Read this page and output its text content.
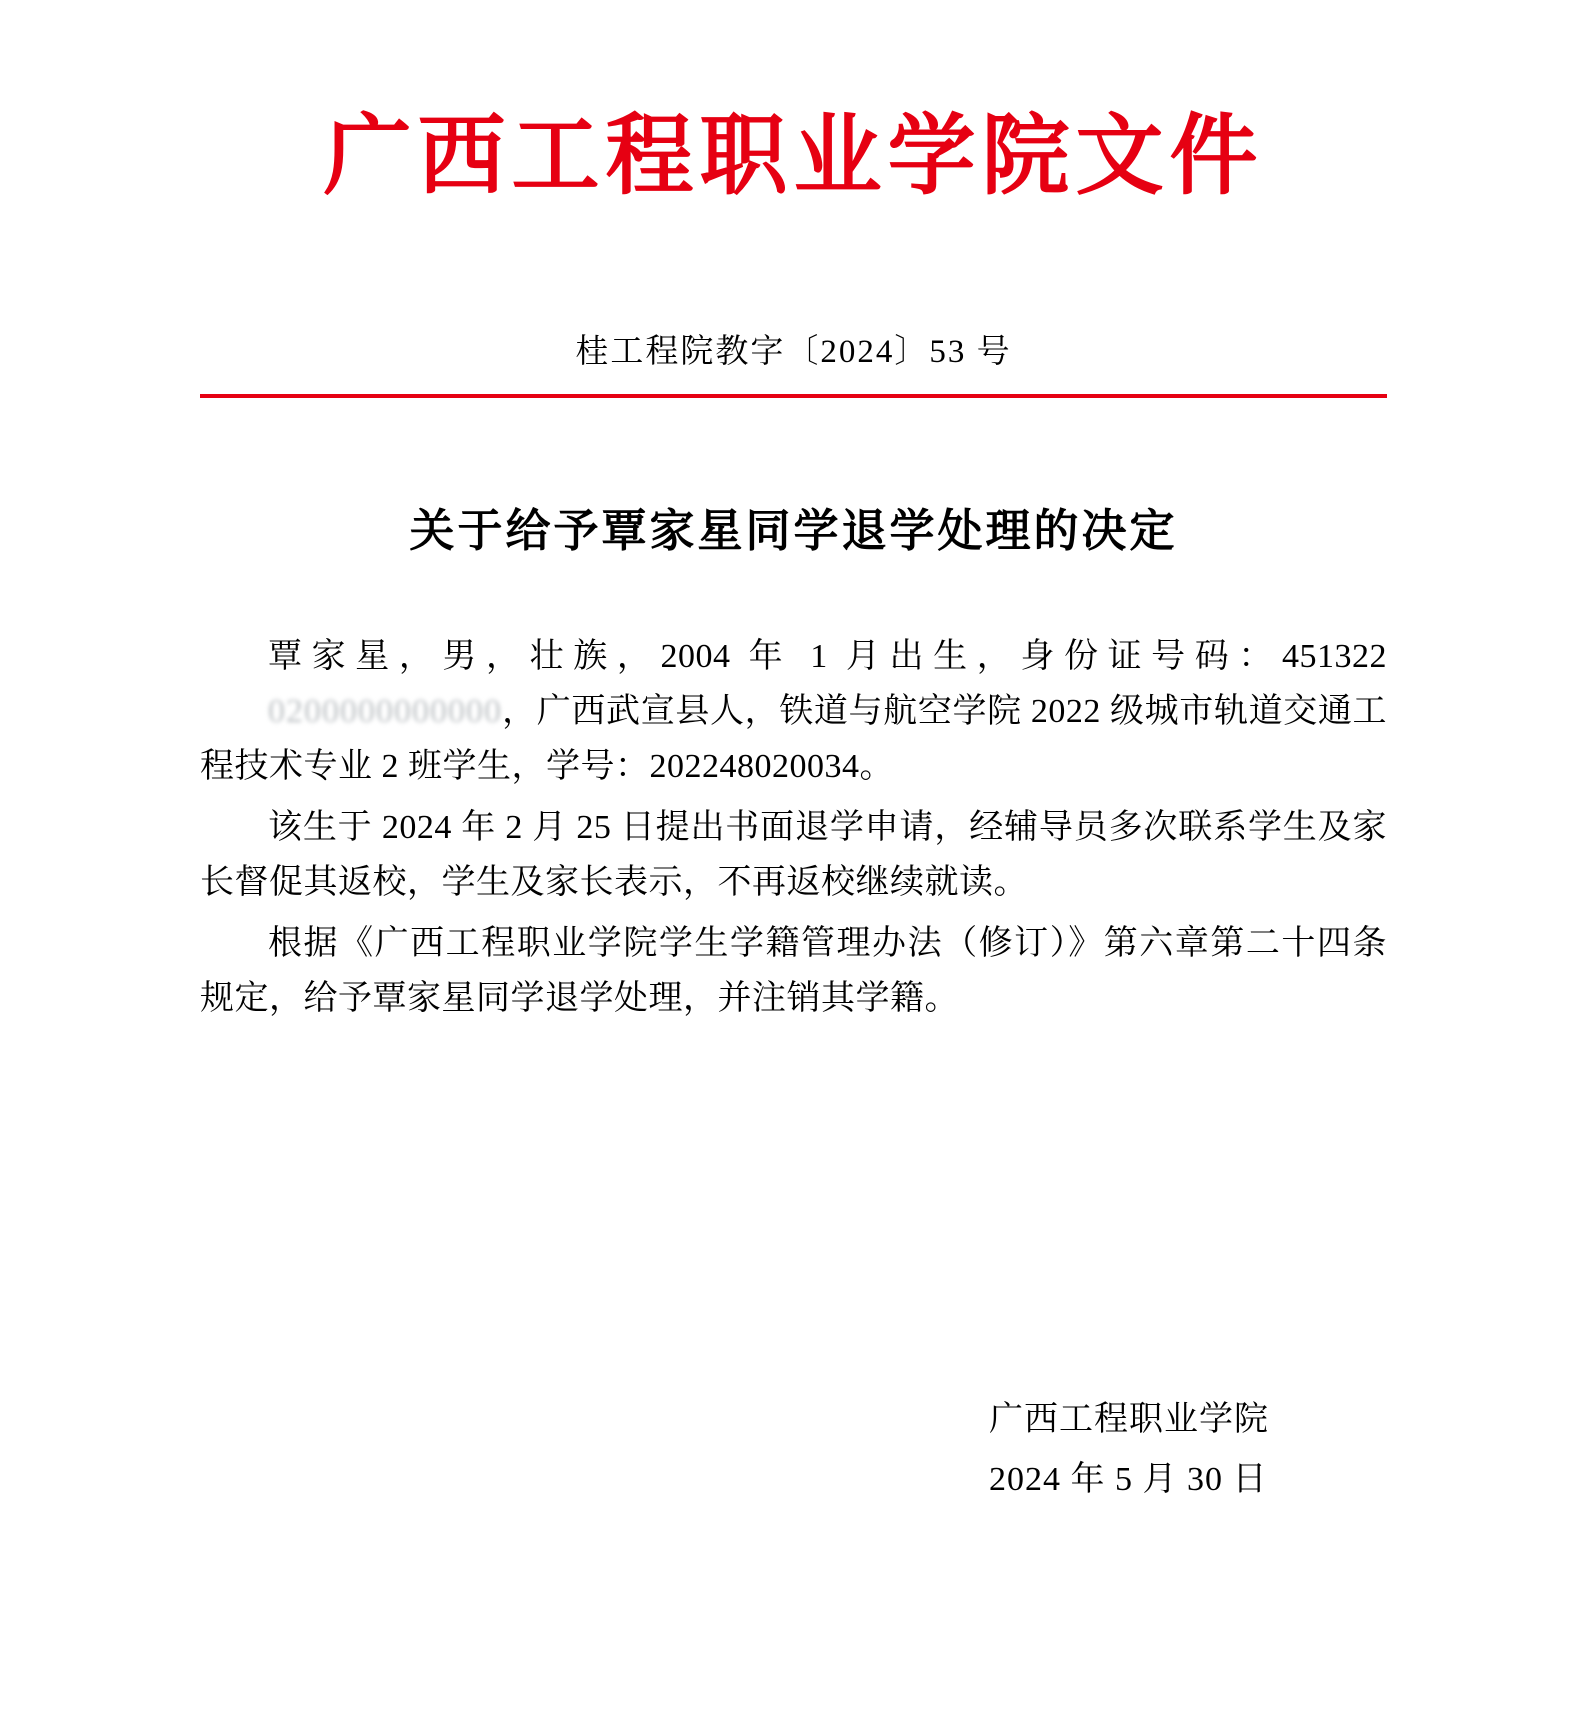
广西工程职业学院文件
桂工程院教字〔2024〕53 号
关于给予覃家星同学退学处理的决定

覃家星，男，壮族，2004 年 1 月出生，身份证号码：4513220200000000000，广西武宣县人，铁道与航空学院 2022 级城市轨道交通工程技术专业 2 班学生，学号：202248020034。

该生于 2024 年 2 月 25 日提出书面退学申请，经辅导员多次联系学生及家长督促其返校，学生及家长表示，不再返校继续就读。

根据《广西工程职业学院学生学籍管理办法（修订）》第六章第二十四条规定，给予覃家星同学退学处理，并注销其学籍。

广西工程职业学院
2024 年 5 月 30 日
